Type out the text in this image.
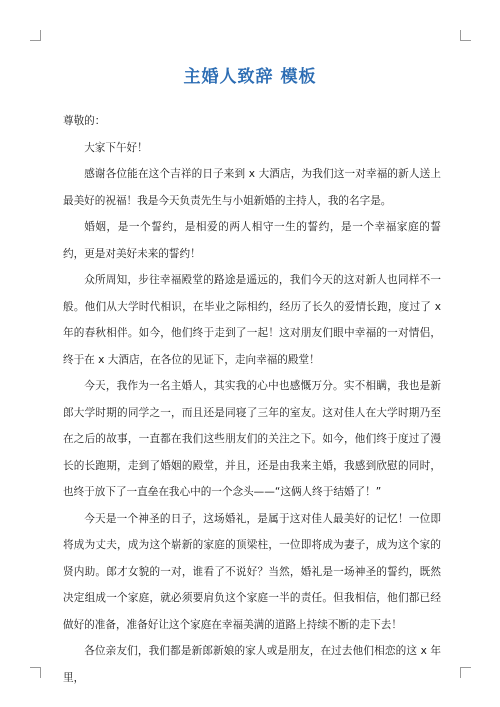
主婚人致辞 模板

尊敬的：

大家下午好！

感谢各位能在这个吉祥的日子来到 x 大酒店，为我们这一对幸福的新人送上最美好的祝福！我是今天负责先生与小姐新婚的主持人，我的名字是。

婚姻，是一个誓约，是相爱的两人相守一生的誓约，是一个幸福家庭的誓约，更是对美好未来的誓约！

众所周知，步往幸福殿堂的路途是遥远的，我们今天的这对新人也同样不一般。他们从大学时代相识，在毕业之际相约，经历了长久的爱情长跑，度过了 x 年的春秋相伴。如今，他们终于走到了一起！这对朋友们眼中幸福的一对情侣，终于在 x 大酒店，在各位的见证下，走向幸福的殿堂！

今天，我作为一名主婚人，其实我的心中也感慨万分。实不相瞒，我也是新郎大学时期的同学之一，而且还是同寝了三年的室友。这对佳人在大学时期乃至在之后的故事，一直都在我们这些朋友们的关注之下。如今，他们终于度过了漫长的长跑期，走到了婚姻的殿堂，并且，还是由我来主婚，我感到欣慰的同时，也终于放下了一直垒在我心中的一个念头——“这俩人终于结婚了！”

今天是一个神圣的日子，这场婚礼，是属于这对佳人最美好的记忆！一位即将成为丈夫，成为这个崭新的家庭的顶梁柱，一位即将成为妻子，成为这个家的贤内助。郎才女貌的一对，谁看了不说好？当然，婚礼是一场神圣的誓约，既然决定组成一个家庭，就必须要肩负这个家庭一半的责任。但我相信，他们都已经做好的准备，准备好让这个家庭在幸福美满的道路上持续不断的走下去！

各位亲友们，我们都是新郎新娘的家人或是朋友，在过去他们相恋的这 x 年里，
